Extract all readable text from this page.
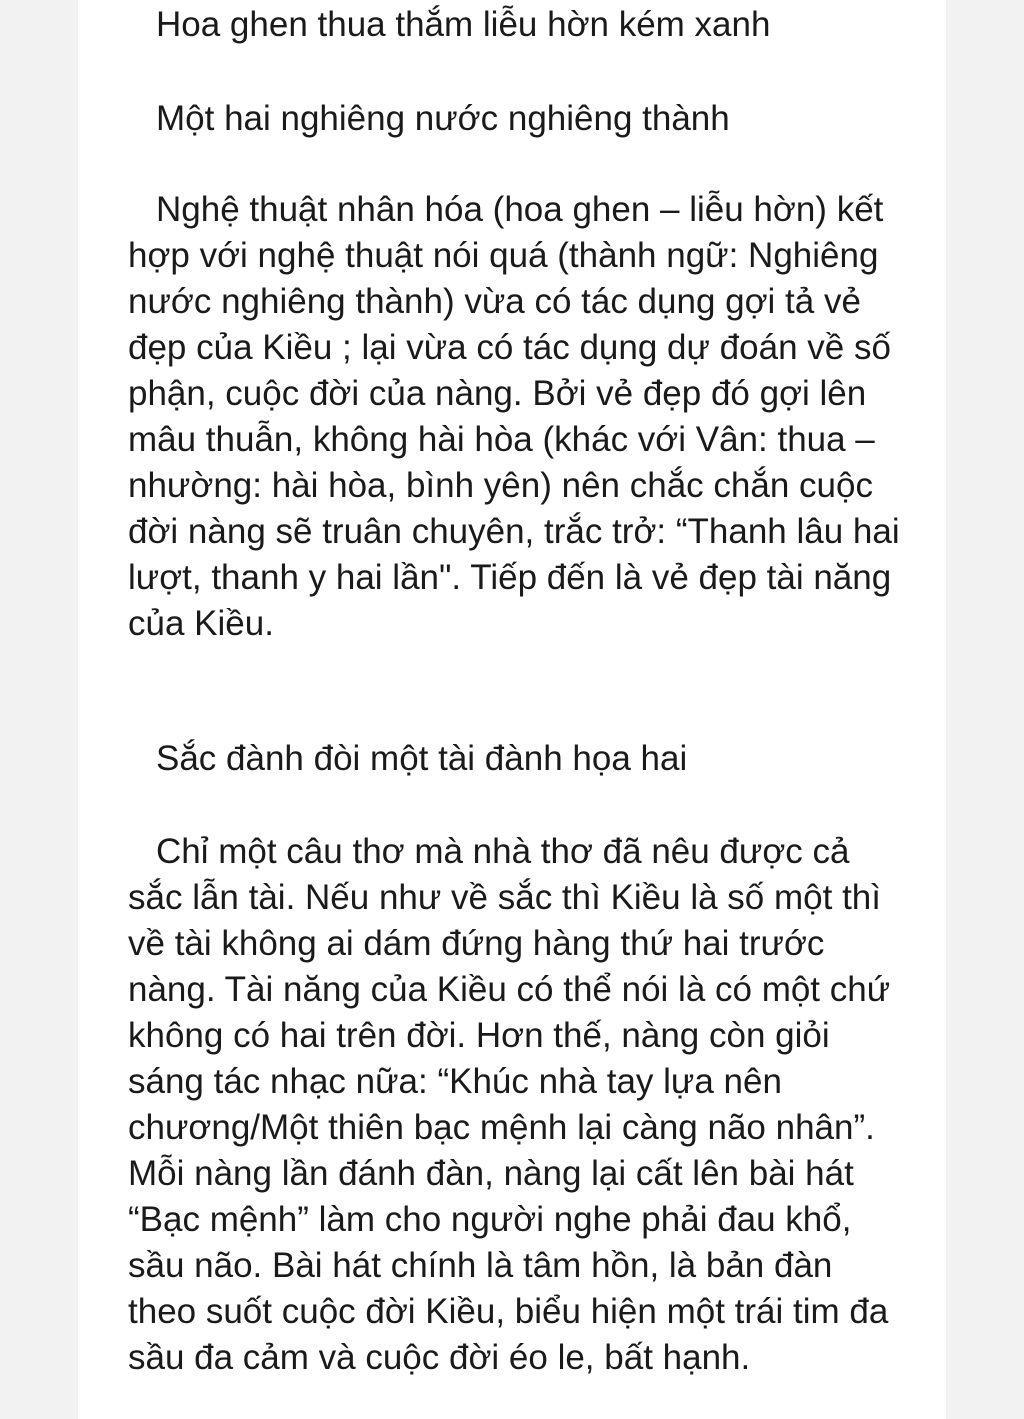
Hoa ghen thua thắm liễu hờn kém xanh

Một hai nghiêng nước nghiêng thành

Nghệ thuật nhân hóa (hoa ghen – liễu hờn) kết hợp với nghệ thuật nói quá (thành ngữ: Nghiêng nước nghiêng thành) vừa có tác dụng gợi tả vẻ đẹp của Kiều ; lại vừa có tác dụng dự đoán về số phận, cuộc đời của nàng. Bởi vẻ đẹp đó gợi lên mâu thuẫn, không hài hòa (khác với Vân: thua – nhường: hài hòa, bình yên) nên chắc chắn cuộc đời nàng sẽ truân chuyên, trắc trở: “Thanh lâu hai lượt, thanh y hai lần". Tiếp đến là vẻ đẹp tài năng của Kiều.

Sắc đành đòi một tài đành họa hai

Chỉ một câu thơ mà nhà thơ đã nêu được cả sắc lẫn tài. Nếu như về sắc thì Kiều là số một thì về tài không ai dám đứng hàng thứ hai trước nàng. Tài năng của Kiều có thể nói là có một chứ không có hai trên đời. Hơn thế, nàng còn giỏi sáng tác nhạc nữa: “Khúc nhà tay lựa nên chương/Một thiên bạc mệnh lại càng não nhân”. Mỗi nàng lần đánh đàn, nàng lại cất lên bài hát “Bạc mệnh” làm cho người nghe phải đau khổ, sầu não. Bài hát chính là tâm hồn, là bản đàn theo suốt cuộc đời Kiều, biểu hiện một trái tim đa sầu đa cảm và cuộc đời éo le, bất hạnh.
